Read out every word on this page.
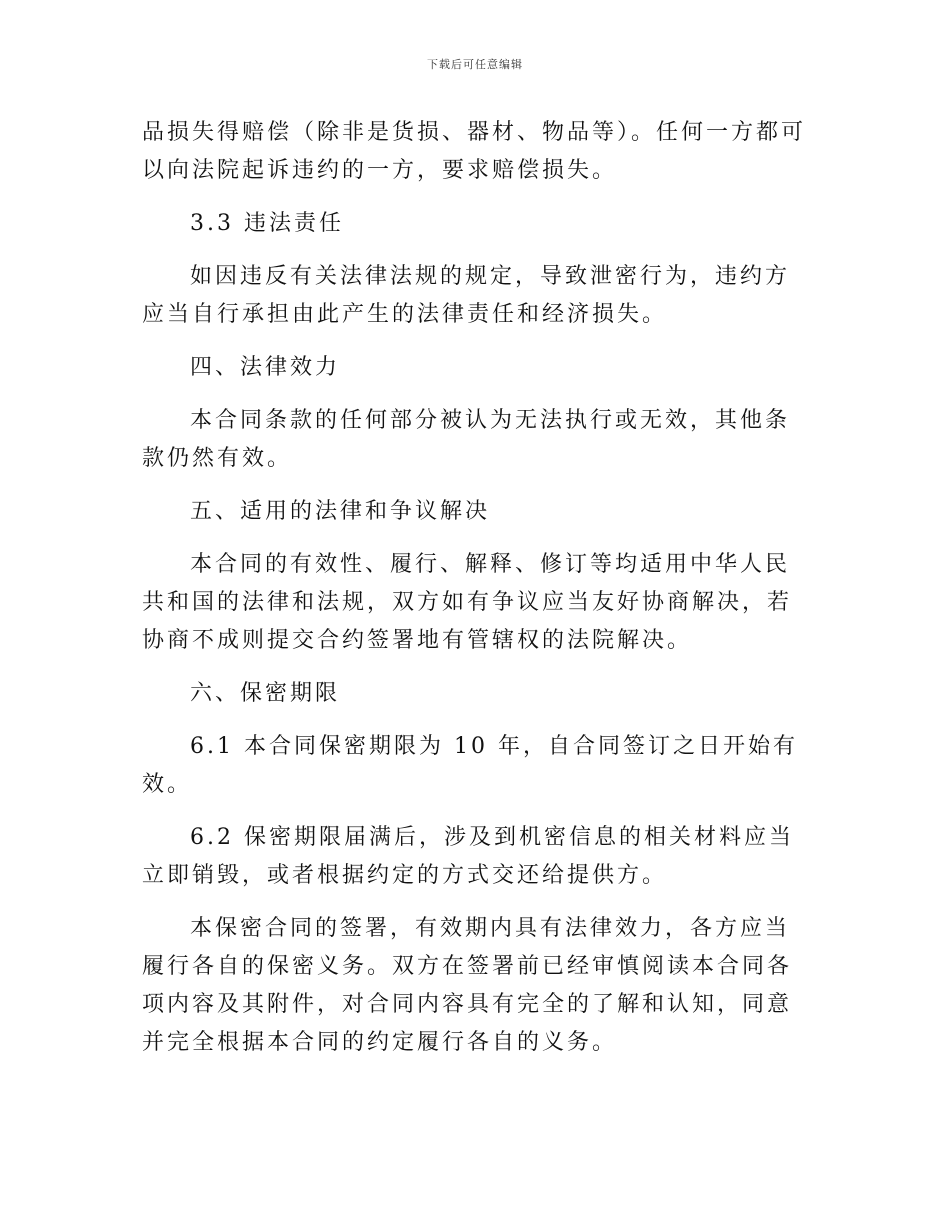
下载后可任意编辑

品损失得赔偿（除非是货损、器材、物品等）。任何一方都可以向法院起诉违约的一方，要求赔偿损失。

3.3 违法责任

如因违反有关法律法规的规定，导致泄密行为，违约方应当自行承担由此产生的法律责任和经济损失。

四、法律效力

本合同条款的任何部分被认为无法执行或无效，其他条款仍然有效。

五、适用的法律和争议解决

本合同的有效性、履行、解释、修订等均适用中华人民共和国的法律和法规，双方如有争议应当友好协商解决，若协商不成则提交合约签署地有管辖权的法院解决。

六、保密期限

6.1 本合同保密期限为 10 年，自合同签订之日开始有效。

6.2 保密期限届满后，涉及到机密信息的相关材料应当立即销毁，或者根据约定的方式交还给提供方。

本保密合同的签署，有效期内具有法律效力，各方应当履行各自的保密义务。双方在签署前已经审慎阅读本合同各项内容及其附件，对合同内容具有完全的了解和认知，同意并完全根据本合同的约定履行各自的义务。
